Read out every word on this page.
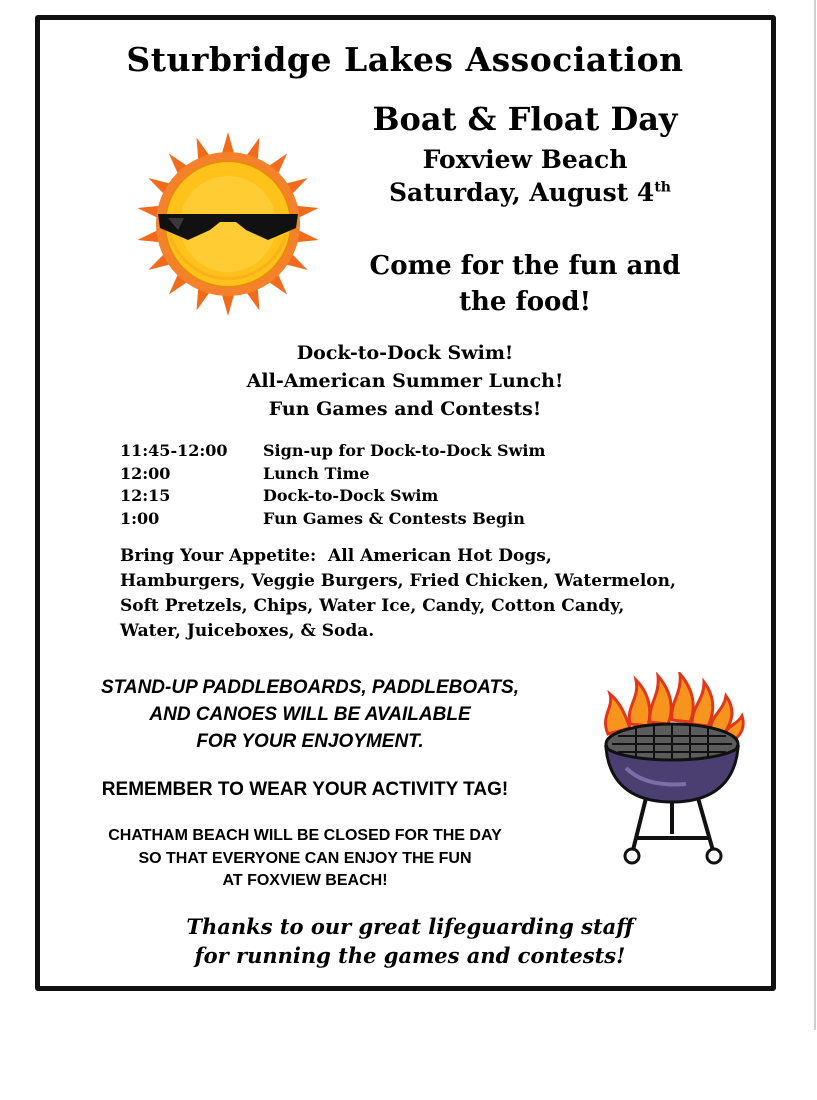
Sturbridge Lakes Association
Boat & Float Day
Foxview Beach
Saturday, August 4th
Come for the fun and
the food!
Dock-to-Dock Swim!
All-American Summer Lunch!
Fun Games and Contests!
11:45-12:00	Sign-up for Dock-to-Dock Swim
12:00	Lunch Time
12:15	Dock-to-Dock Swim
1:00	Fun Games & Contests Begin
Bring Your Appetite:  All American Hot Dogs,
Hamburgers, Veggie Burgers, Fried Chicken, Watermelon,
Soft Pretzels, Chips, Water Ice, Candy, Cotton Candy,
Water, Juiceboxes, & Soda.
STAND-UP PADDLEBOARDS, PADDLEBOATS,
AND CANOES WILL BE AVAILABLE
FOR YOUR ENJOYMENT.
REMEMBER TO WEAR YOUR ACTIVITY TAG!
CHATHAM BEACH WILL BE CLOSED FOR THE DAY
SO THAT EVERYONE CAN ENJOY THE FUN
AT FOXVIEW BEACH!
Thanks to our great lifeguarding staff
for running the games and contests!
